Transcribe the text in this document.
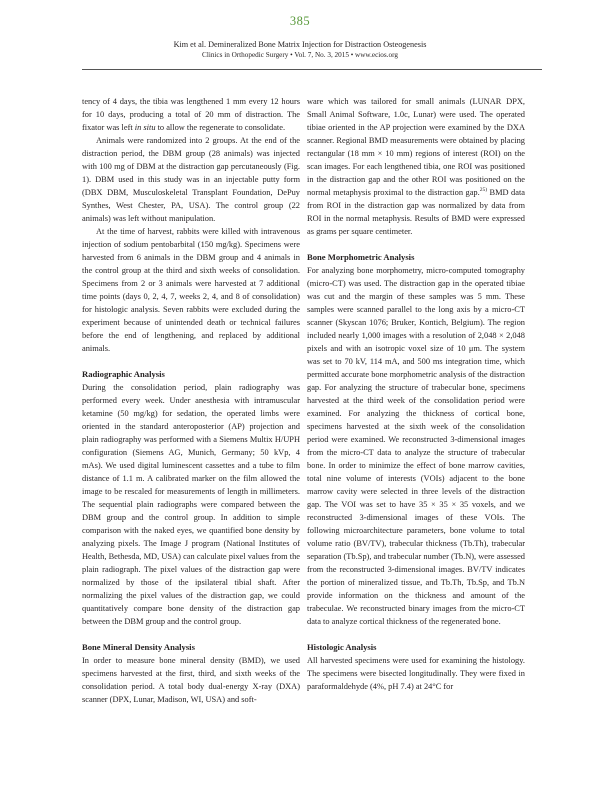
385
Kim et al. Demineralized Bone Matrix Injection for Distraction Osteogenesis
Clinics in Orthopedic Surgery • Vol. 7, No. 3, 2015 • www.ecios.org

tency of 4 days, the tibia was lengthened 1 mm every 12 hours for 10 days, producing a total of 20 mm of distraction. The fixator was left in situ to allow the regenerate to consolidate.

Animals were randomized into 2 groups. At the end of the distraction period, the DBM group (28 animals) was injected with 100 mg of DBM at the distraction gap percutaneously (Fig. 1). DBM used in this study was in an injectable putty form (DBX DBM, Musculoskeletal Transplant Foundation, DePuy Synthes, West Chester, PA, USA). The control group (22 animals) was left without manipulation.

At the time of harvest, rabbits were killed with intravenous injection of sodium pentobarbital (150 mg/kg). Specimens were harvested from 6 animals in the DBM group and 4 animals in the control group at the third and sixth weeks of consolidation. Specimens from 2 or 3 animals were harvested at 7 additional time points (days 0, 2, 4, 7, weeks 2, 4, and 8 of consolidation) for histologic analysis. Seven rabbits were excluded during the experiment because of unintended death or technical failures before the end of lengthening, and replaced by additional animals.

Radiographic Analysis

During the consolidation period, plain radiography was performed every week. Under anesthesia with intramuscular ketamine (50 mg/kg) for sedation, the operated limbs were oriented in the standard anteroposterior (AP) projection and plain radiography was performed with a Siemens Multix H/UPH configuration (Siemens AG, Munich, Germany; 50 kVp, 4 mAs). We used digital luminescent cassettes and a tube to film distance of 1.1 m. A calibrated marker on the film allowed the image to be rescaled for measurements of length in millimeters. The sequential plain radiographs were compared between the DBM group and the control group. In addition to simple comparison with the naked eyes, we quantified bone density by analyzing pixels. The Image J program (National Institutes of Health, Bethesda, MD, USA) can calculate pixel values from the plain radiograph. The pixel values of the distraction gap were normalized by those of the ipsilateral tibial shaft. After normalizing the pixel values of the distraction gap, we could quantitatively compare bone density of the distraction gap between the DBM group and the control group.

Bone Mineral Density Analysis

In order to measure bone mineral density (BMD), we used specimens harvested at the first, third, and sixth weeks of the consolidation period. A total body dual-energy X-ray (DXA) scanner (DPX, Lunar, Madison, WI, USA) and soft-

ware which was tailored for small animals (LUNAR DPX, Small Animal Software, 1.0c, Lunar) were used. The operated tibiae oriented in the AP projection were examined by the DXA scanner. Regional BMD measurements were obtained by placing rectangular (18 mm × 10 mm) regions of interest (ROI) on the scan images. For each lengthened tibia, one ROI was positioned in the distraction gap and the other ROI was positioned on the normal metaphysis proximal to the distraction gap.$^{25)}$ BMD data from ROI in the distraction gap was normalized by data from ROI in the normal metaphysis. Results of BMD were expressed as grams per square centimeter.

Bone Morphometric Analysis

For analyzing bone morphometry, micro-computed tomography (micro-CT) was used. The distraction gap in the operated tibiae was cut and the margin of these samples was 5 mm. These samples were scanned parallel to the long axis by a micro-CT scanner (Skyscan 1076; Bruker, Kontich, Belgium). The region included nearly 1,000 images with a resolution of 2,048 × 2,048 pixels and with an isotropic voxel size of 10 μm. The system was set to 70 kV, 114 mA, and 500 ms integration time, which permitted accurate bone morphometric analysis of the distraction gap. For analyzing the structure of trabecular bone, specimens harvested at the third week of the consolidation period were examined. For analyzing the thickness of cortical bone, specimens harvested at the sixth week of the consolidation period were examined. We reconstructed 3-dimensional images from the micro-CT data to analyze the structure of trabecular bone. In order to minimize the effect of bone marrow cavities, total nine volume of interests (VOIs) adjacent to the bone marrow cavity were selected in three levels of the distraction gap. The VOI was set to have 35 × 35 × 35 voxels, and we reconstructed 3-dimensional images of these VOIs. The following microarchitecture parameters, bone volume to total volume ratio (BV/TV), trabecular thickness (Tb.Th), trabecular separation (Tb.Sp), and trabecular number (Tb.N), were assessed from the reconstructed 3-dimensional images. BV/TV indicates the portion of mineralized tissue, and Tb.Th, Tb.Sp, and Tb.N provide information on the thickness and amount of the trabeculae. We reconstructed binary images from the micro-CT data to analyze cortical thickness of the regenerated bone.

Histologic Analysis

All harvested specimens were used for examining the histology. The specimens were bisected longitudinally. They were fixed in paraformaldehyde (4%, pH 7.4) at 24°C for
